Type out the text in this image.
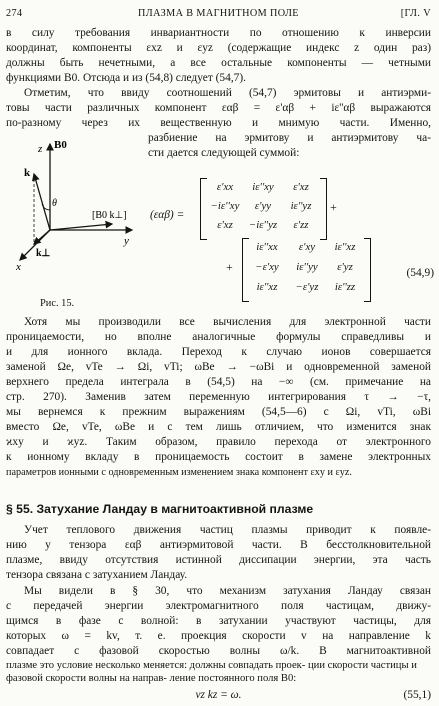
274	ПЛАЗМА В МАГНИТНОМ ПОЛЕ	[ГЛ. V
в силу требования инвариантности по отношению к инверсии
координат, компоненты εxz и εyz (содержащие индекс z один раз)
должны быть нечетными, а все остальные компоненты — четными
функциями B0. Отсюда и из (54,8) следует (54,7).
Отметим, что ввиду соотношений (54,7) эрмитовы и антиэрми-
товы части различных компонент εαβ = ε'αβ + iε''αβ выражаются
по-разному через их вещественную и мнимую части. Именно,
разбиение на эрмитову и антиэрмитову ча-
сти дается следующей суммой:
z B0
k
θ
k⊥
[B0 k⊥]
y
x
Рис. 15.
(εαβ) =
ε'xx	iε''xy	ε'xz
−iε''xy	ε'yy	iε''yz
ε'xz	−iε''yz	ε'zz
+
+
iε''xx	ε'xy	iε''xz
−ε'xy	iε''yy	ε'yz
iε''xz	−ε'yz	iε''zz
(54,9)
Хотя мы производили все вычисления для электронной части
проницаемости, но вполне аналогичные формулы справедливы и
и для ионного вклада. Переход к случаю ионов совершается
заменой Ωe, vTe → Ωi, vTi; ωBe → −ωBi и одновременной заменой
верхнего предела интеграла в (54,5) на −∞ (см. примечание на
стр. 270). Заменив затем переменную интегрирования τ → −τ,
мы вернемся к прежним выражениям (54,5—6) с Ωi, vTi, ωBi
вместо Ωe, vTe, ωBe и с тем лишь отличием, что изменится знак
ϰxy и ϰyz. Таким образом, правило перехода от электронного
к ионному вкладу в проницаемость состоит в замене электронных
параметров ионными с одновременным изменением знака компонент εxy и εyz.
§ 55. Затухание Ландау в магнитоактивной плазме
Учет теплового движения частиц плазмы приводит к появле-
нию у тензора εαβ антиэрмитовой части. В бесстолкновительной
плазме, ввиду отсутствия истинной диссипации энергии, эта часть
тензора связана с затуханием Ландау.
Мы видели в § 30, что механизм затухания Ландау связан
с передачей энергии электромагнитного поля частицам, движу-
щимся в фазе с волной: в затухании участвуют частицы, для
которых ω = kv, т. е. проекция скорости v на направление k
совпадает с фазовой скоростью волны ω/k. В магнитоактивной
плазме это условие несколько меняется: должны совпадать проек- ции скорости частицы и фазовой скорости волны на направ- ление постоянного поля B0:
vz kz = ω.	(55,1)
